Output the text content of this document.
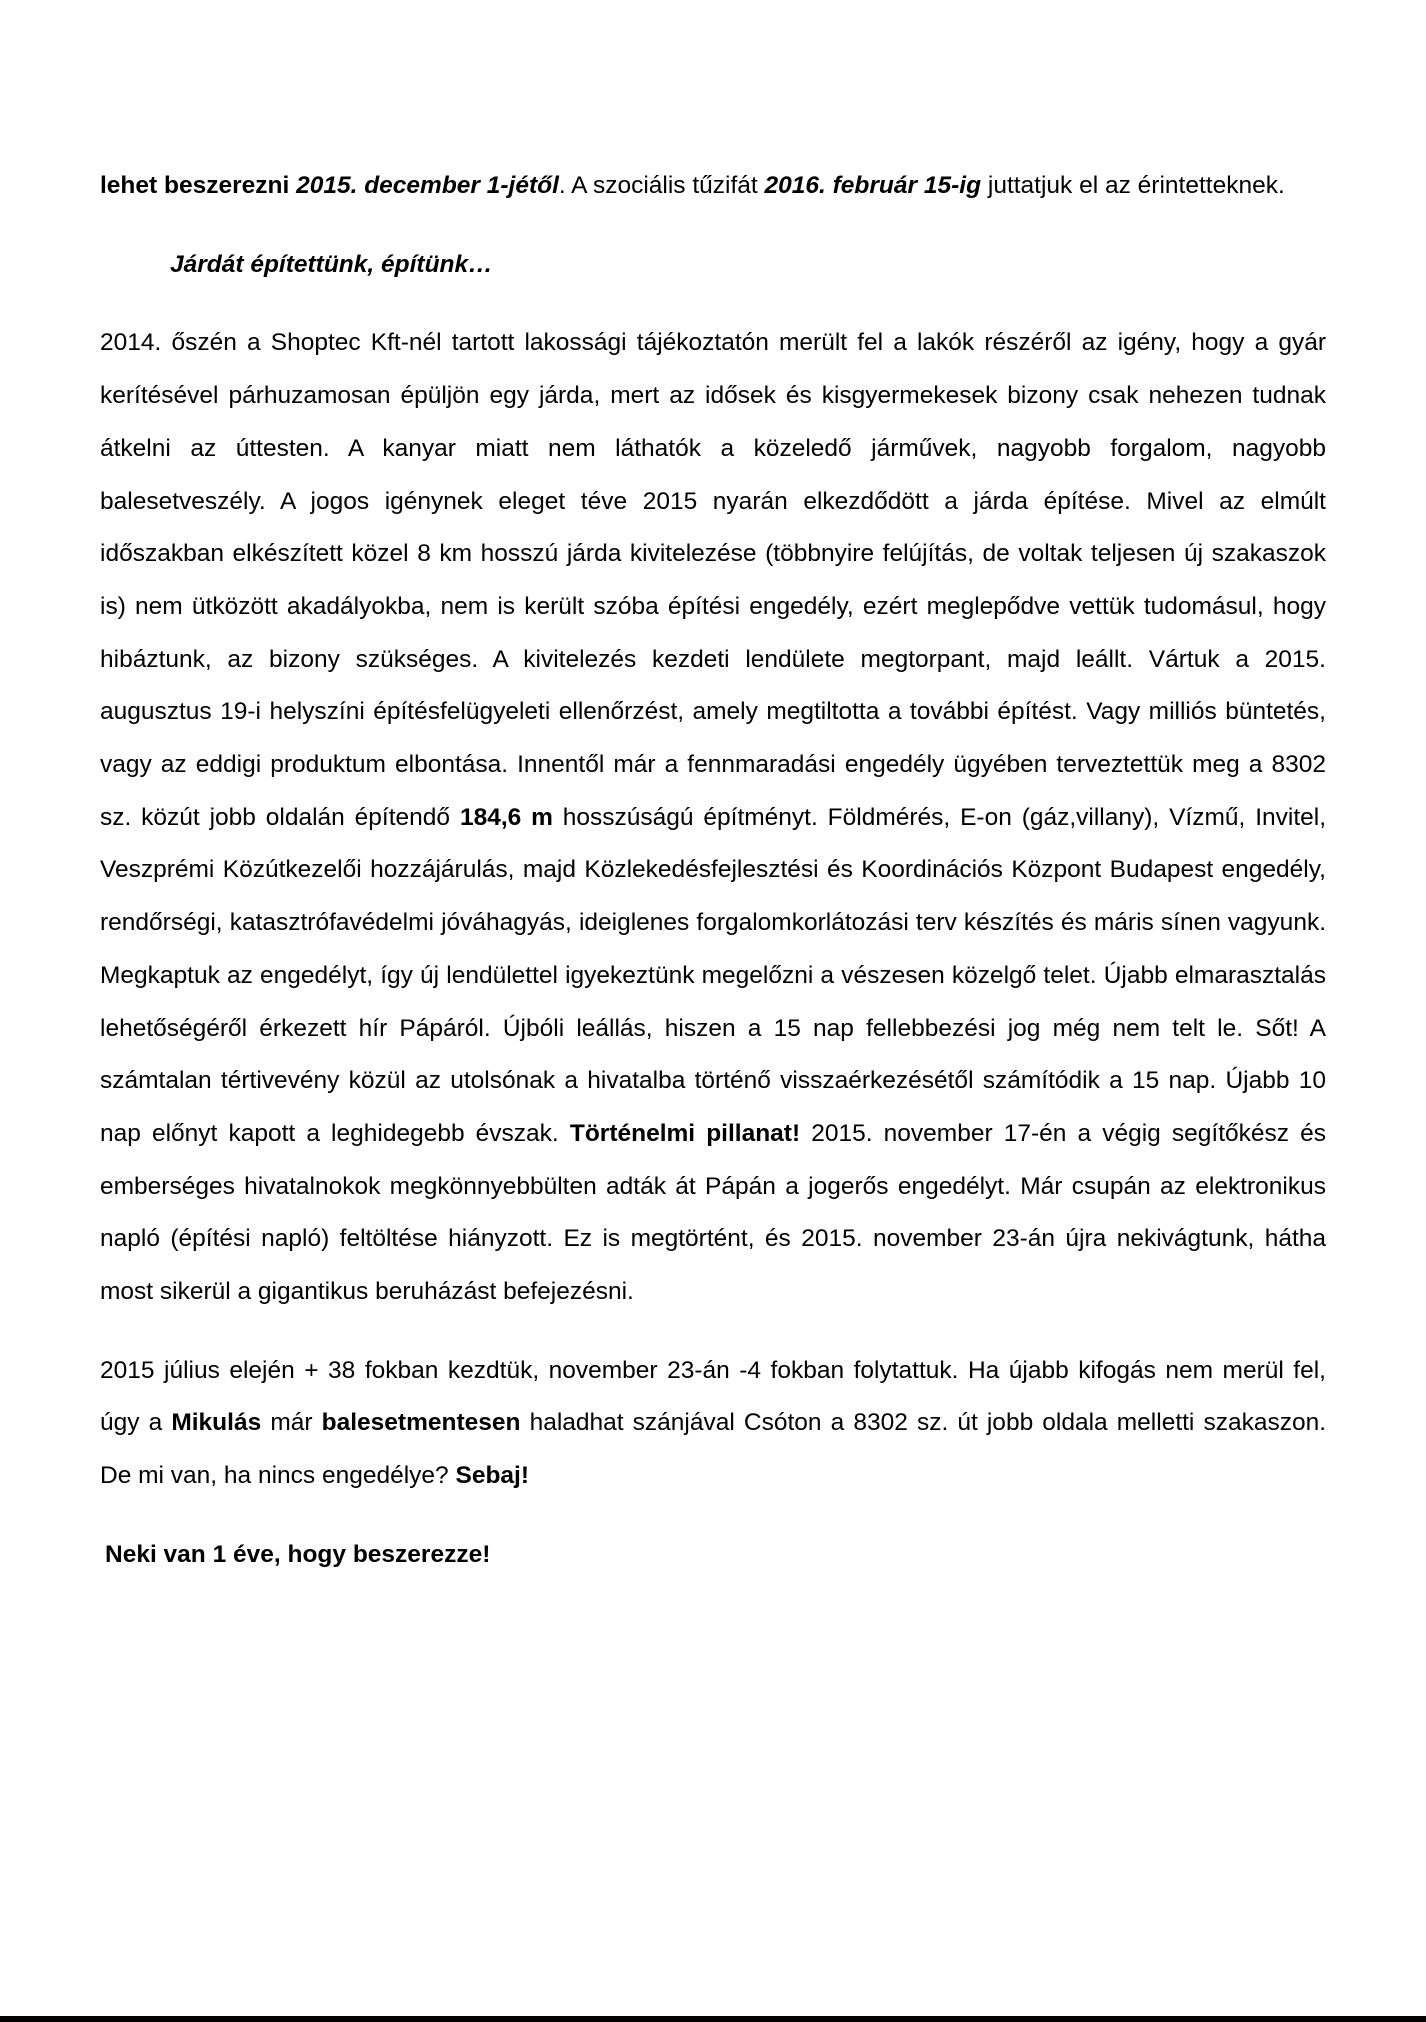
lehet beszerezni 2015. december 1-jétől. A szociális tűzifát 2016. február 15-ig juttatjuk el az érintetteknek.

Járdát építettünk, építünk…

2014. őszén a Shoptec Kft-nél tartott lakossági tájékoztatón merült fel a lakók részéről az igény, hogy a gyár kerítésével párhuzamosan épüljön egy járda, mert az idősek és kisgyermekesek bizony csak nehezen tudnak átkelni az úttesten. A kanyar miatt nem láthatók a közeledő járművek, nagyobb forgalom, nagyobb balesetveszély. A jogos igénynek eleget téve 2015 nyarán elkezdődött a járda építése. Mivel az elmúlt időszakban elkészített közel 8 km hosszú járda kivitelezése (többnyire felújítás, de voltak teljesen új szakaszok is) nem ütközött akadályokba, nem is került szóba építési engedély, ezért meglepődve vettük tudomásul, hogy hibáztunk, az bizony szükséges. A kivitelezés kezdeti lendülete megtorpant, majd leállt. Vártuk a 2015. augusztus 19-i helyszíni építésfelügyeleti ellenőrzést, amely megtiltotta a további építést. Vagy milliós büntetés, vagy az eddigi produktum elbontása. Innentől már a fennmaradási engedély ügyében terveztettük meg a 8302 sz. közút jobb oldalán építendő 184,6 m hosszúságú építményt. Földmérés, E-on (gáz,villany), Vízmű, Invitel, Veszprémi Közútkezelői hozzájárulás, majd Közlekedésfejlesztési és Koordinációs Központ Budapest engedély, rendőrségi, katasztrófavédelmi jóváhagyás, ideiglenes forgalomkorlátozási terv készítés és máris sínen vagyunk. Megkaptuk az engedélyt, így új lendülettel igyekeztünk megelőzni a vészesen közelgő telet. Újabb elmarasztalás lehetőségéről érkezett hír Pápáról. Újbóli leállás, hiszen a 15 nap fellebbezési jog még nem telt le. Sőt! A számtalan tértivevény közül az utolsónak a hivatalba történő visszaérkezésétől számítódik a 15 nap. Újabb 10 nap előnyt kapott a leghidegebb évszak. Történelmi pillanat! 2015. november 17-én a végig segítőkész és emberséges hivatalnokok megkönnyebbülten adták át Pápán a jogerős engedélyt. Már csupán az elektronikus napló (építési napló) feltöltése hiányzott. Ez is megtörtént, és 2015. november 23-án újra nekivágtunk, hátha most sikerül a gigantikus beruházást befejezésni.

2015 július elején + 38 fokban kezdtük, november 23-án -4 fokban folytattuk. Ha újabb kifogás nem merül fel, úgy a Mikulás már balesetmentesen haladhat szánjával Csóton a 8302 sz. út jobb oldala melletti szakaszon. De mi van, ha nincs engedélye? Sebaj!

Neki van 1 éve, hogy beszerezze!
